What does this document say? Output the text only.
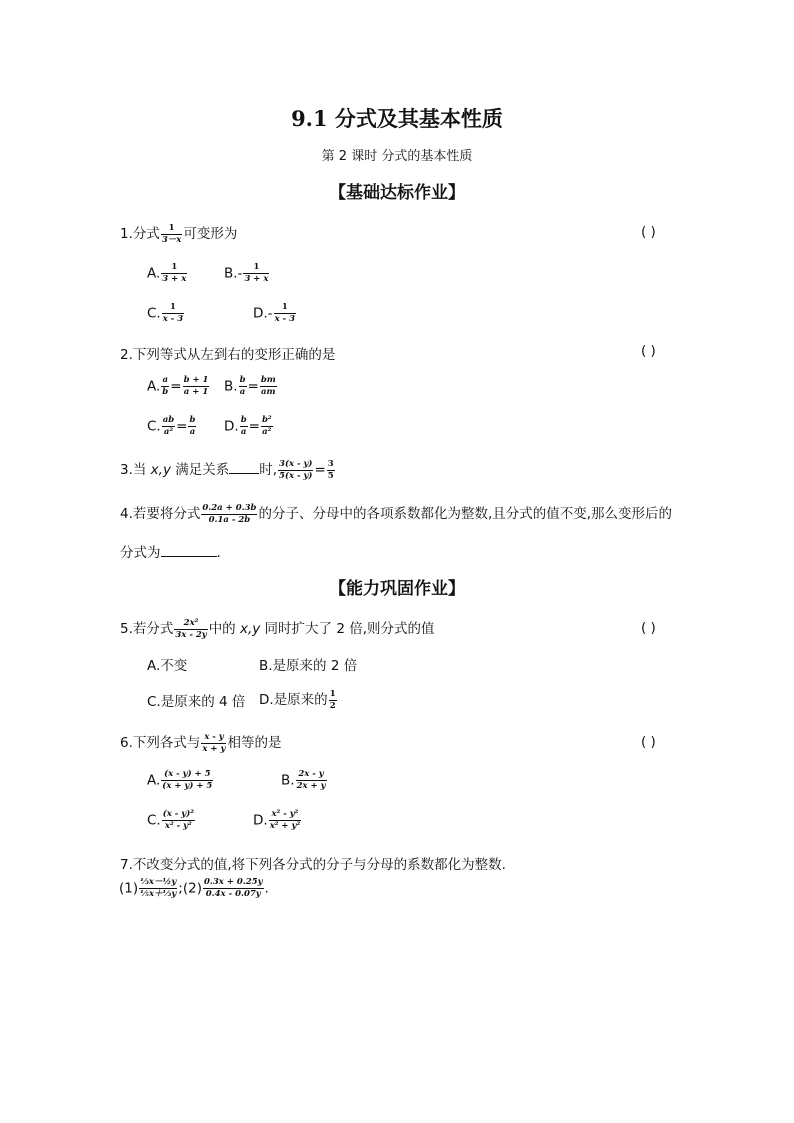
9.1 分式及其基本性质
第 2 课时 分式的基本性质
【基础达标作业】
1.分式 $\frac{1}{3-x}$ 可变形为	( )
A. $\frac{1}{3 + x}$	$B.- \frac{1}{3 + x}$
C. $\frac{1}{x - 3}$	$D.- \frac{1}{x - 3}$
2.下列等式从左到右的变形正确的是	( )
A. $\frac{a}{b} = \frac{b + 1}{a + 1} B$. $\frac{b}{a} = \frac{bm}{am}$
C. $\frac{ab}{\text{a²}} = \frac{b}{a} D$. $\frac{b}{a} = \frac{\text{b²}}{\text{a²}}$
3.当 x,y 满足关系 时, $\frac{3(x - y)}{5(x - y)} = \frac{3}{5}$
4.若要将分式 $\frac{0.2a + 0.3b}{0.1a - 2b}$ 的分子、分母中的各项系数都化为整数,且分式的值不变,那么变形后的
分式为	.
【能力巩固作业】
5.若分式 $\frac{\text{2x²}}{3x - 2y}$ 中的 x,y 同时扩大了 2 倍,则分式的值	( )
A.不变	B.是原来的 2 倍
C.是原来的 4 倍 D.是原来的 $\frac{1}{2}$
6.下列各式与 $\frac{x - y}{x + y}$ 相等的是	( )
A. $\frac{(x - y) + 5}{(x + y) + 5}$	B. $\frac{2x - y}{2x + y}$
C. $\frac{\text{(x - y)²}}{\text{x² - y²}}$	D. $\frac{\text{x² - y²}}{\text{x² + y²}}$
7.不改变分式的值,将下列各分式的分子与分母的系数都化为整数.
$(1) \frac{\text{⅓x－½y}}{\text{⅕x＋⅓y}}$ ;(2) $\frac{0.3x + 0.25y}{0.4x - 0.07y}$ .
